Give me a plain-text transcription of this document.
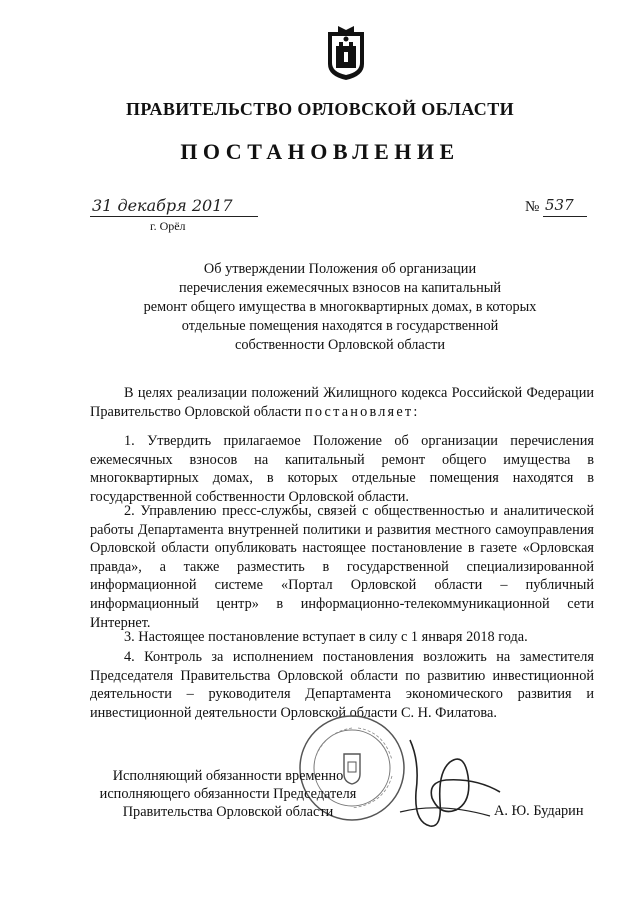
ПРАВИТЕЛЬСТВО ОРЛОВСКОЙ ОБЛАСТИ
ПОСТАНОВЛЕНИЕ
31 декабря 2017
г. Орёл
№ 537
Об утверждении Положения об организации
перечисления ежемесячных взносов на капитальный
ремонт общего имущества в многоквартирных домах, в которых
отдельные помещения находятся в государственной
собственности Орловской области

В целях реализации положений Жилищного кодекса Российской Федерации Правительство Орловской области постановляет:

1. Утвердить прилагаемое Положение об организации перечисления ежемесячных взносов на капитальный ремонт общего имущества в многоквартирных домах, в которых отдельные помещения находятся в государственной собственности Орловской области.

2. Управлению пресс-службы, связей с общественностью и аналитической работы Департамента внутренней политики и развития местного самоуправления Орловской области опубликовать настоящее постановление в газете «Орловская правда», а также разместить в государственной специализированной информационной системе «Портал Орловской области – публичный информационный центр» в информационно-телекоммуникационной сети Интернет.

3. Настоящее постановление вступает в силу с 1 января 2018 года.

4. Контроль за исполнением постановления возложить на заместителя Председателя Правительства Орловской области по развитию инвестиционной деятельности – руководителя Департамента экономического развития и инвестиционной деятельности Орловской области С. Н. Филатова.

Исполняющий обязанности временно
исполняющего обязанности Председателя
Правительства Орловской области	А. Ю. Бударин
